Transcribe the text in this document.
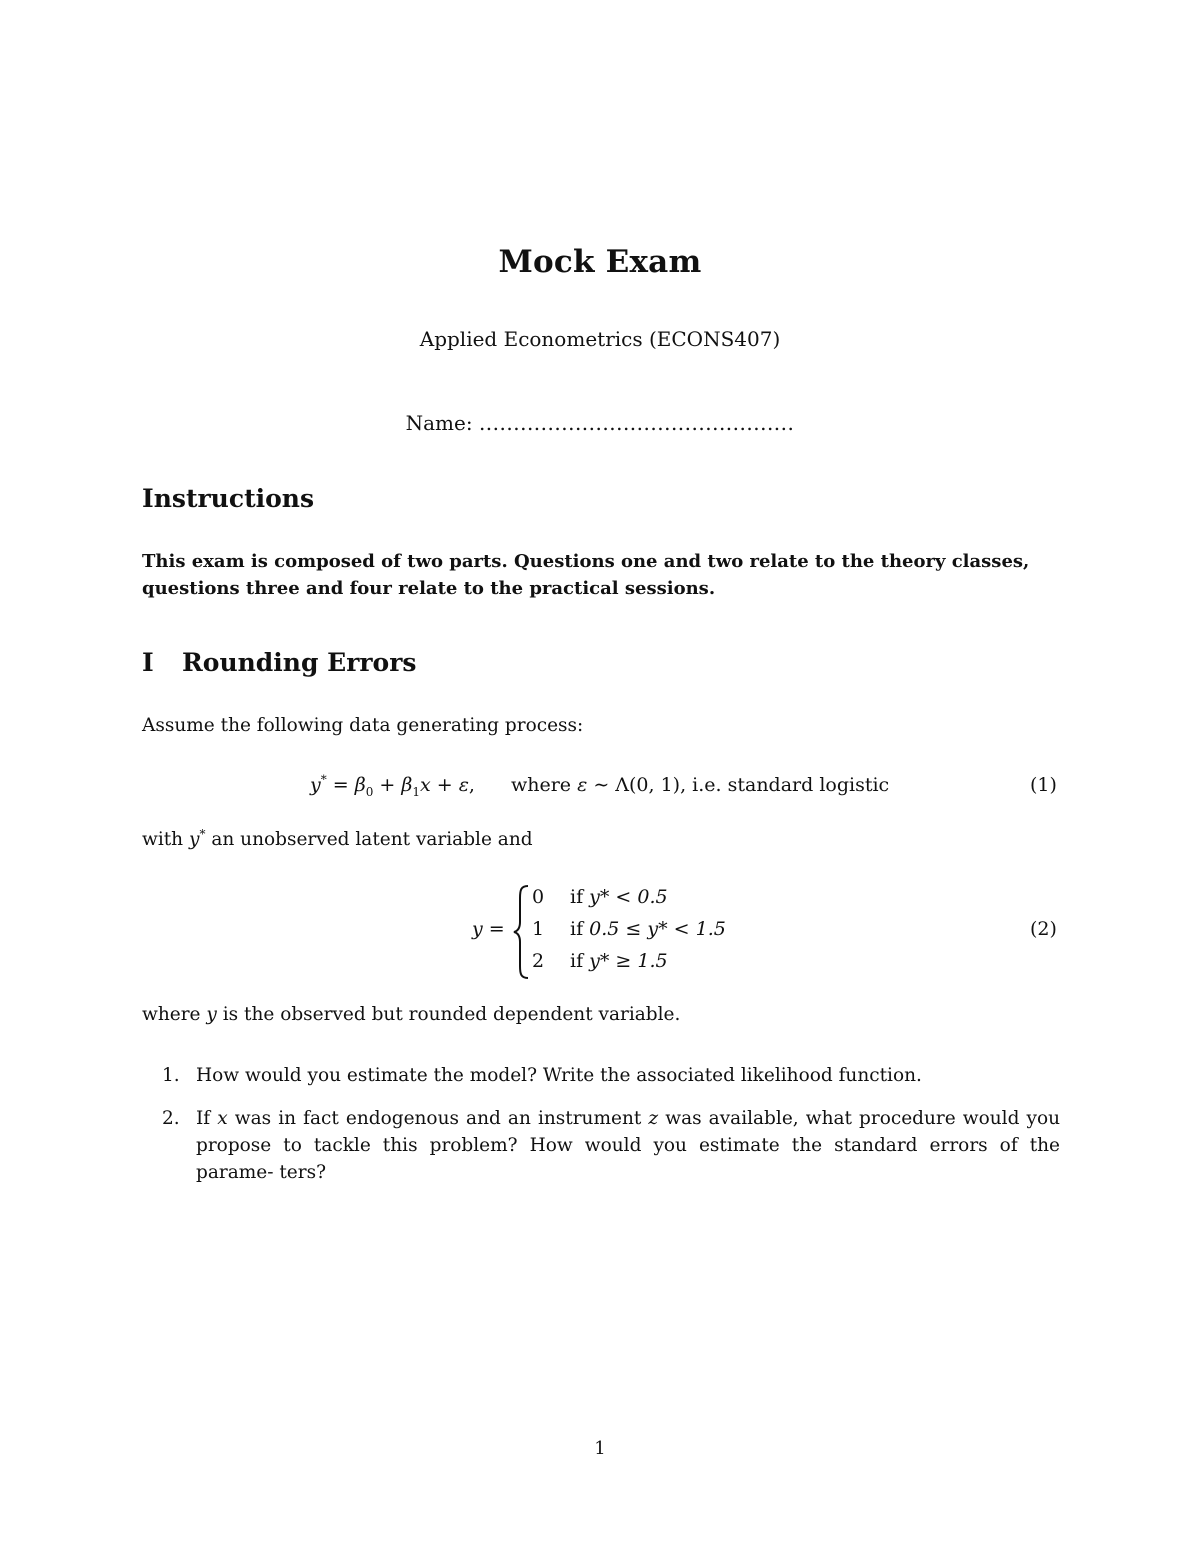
Mock Exam
Applied Econometrics (ECONS407)
Name: ..............................................
Instructions
This exam is composed of two parts. Questions one and two relate to the theory classes, questions three and four relate to the practical sessions.
I Rounding Errors
Assume the following data generating process:
$y^* = \beta_0 + \beta_1x + \varepsilon$, where ε ∼ Λ(0, 1), i.e. standard logistic	(1)
with y* an unobserved latent variable and
y =
0 if y* < 0.5
1 if 0.5 ≤ y* < 1.5
2 if y* ≥ 1.5
(2)
where y is the observed but rounded dependent variable.
1. How would you estimate the model? Write the associated likelihood function.
2. If x was in fact endogenous and an instrument z was available, what procedure would you propose to tackle this problem? How would you estimate the standard errors of the parame- ters?
1
